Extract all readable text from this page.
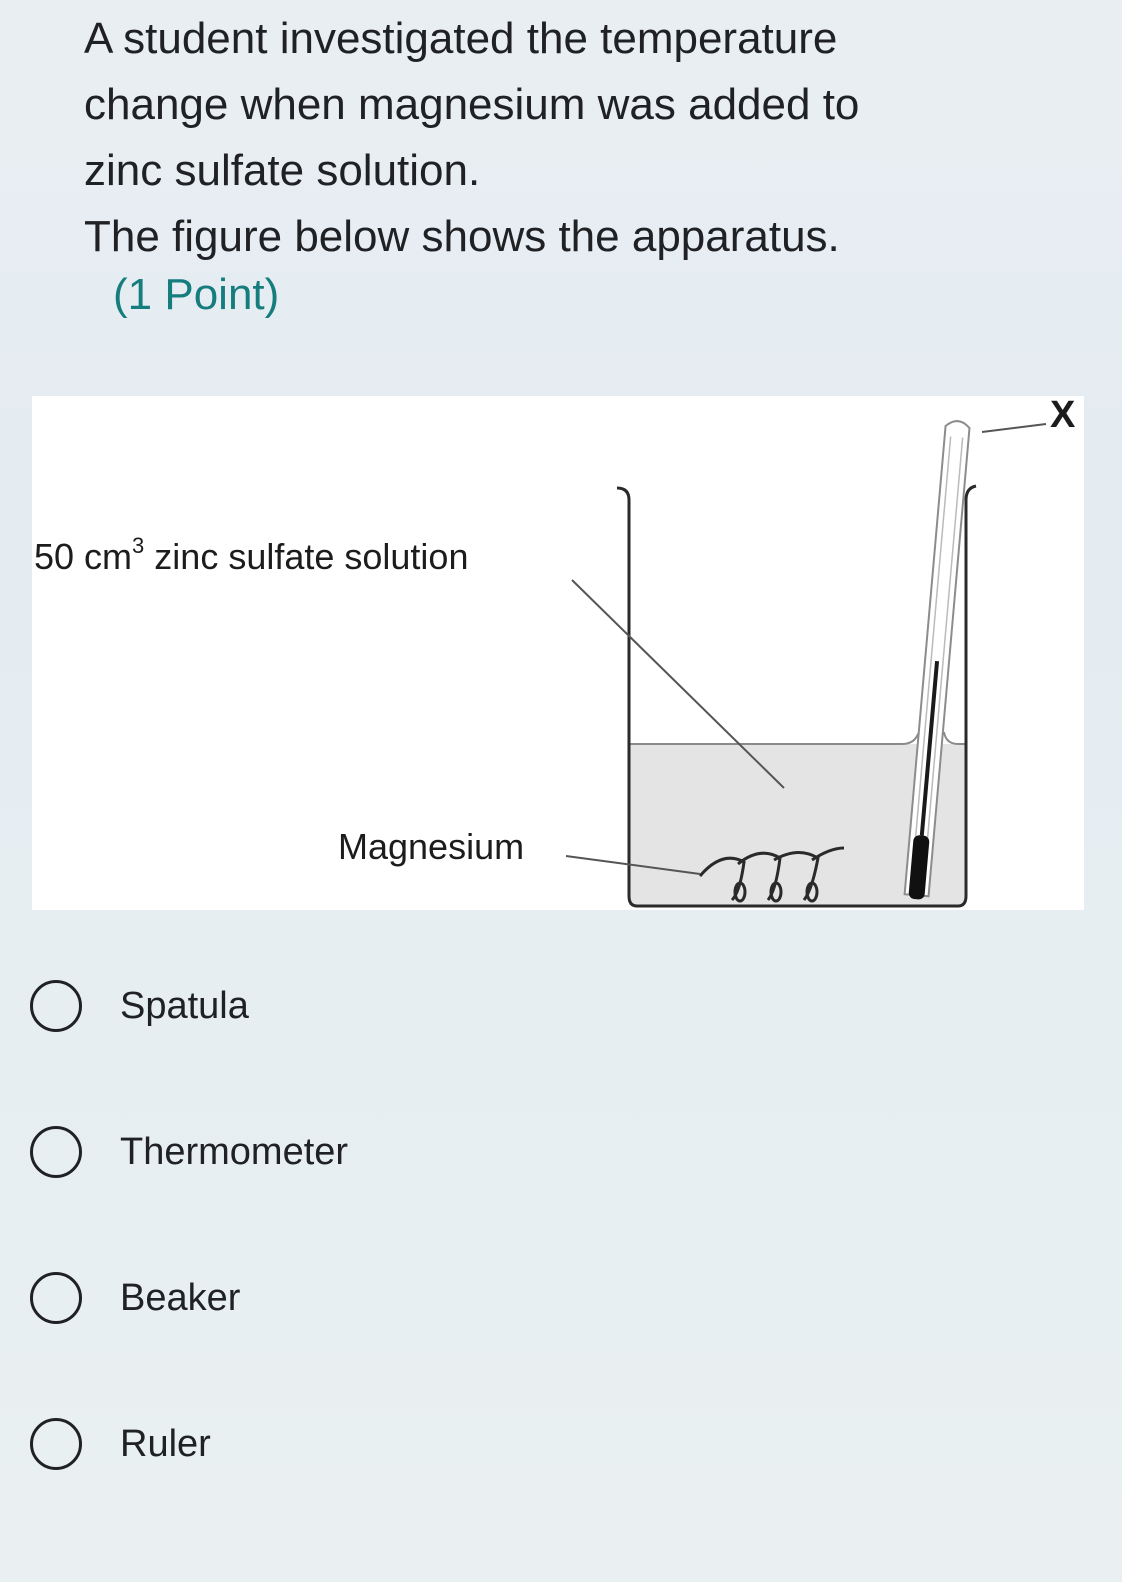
A student investigated the temperature

change when magnesium was added to

zinc sulfate solution.

The figure below shows the apparatus.

(1 Point)
50 $cm^3$ zinc sulfate solution
Magnesium
X
Spatula
Thermometer
Beaker
Ruler
